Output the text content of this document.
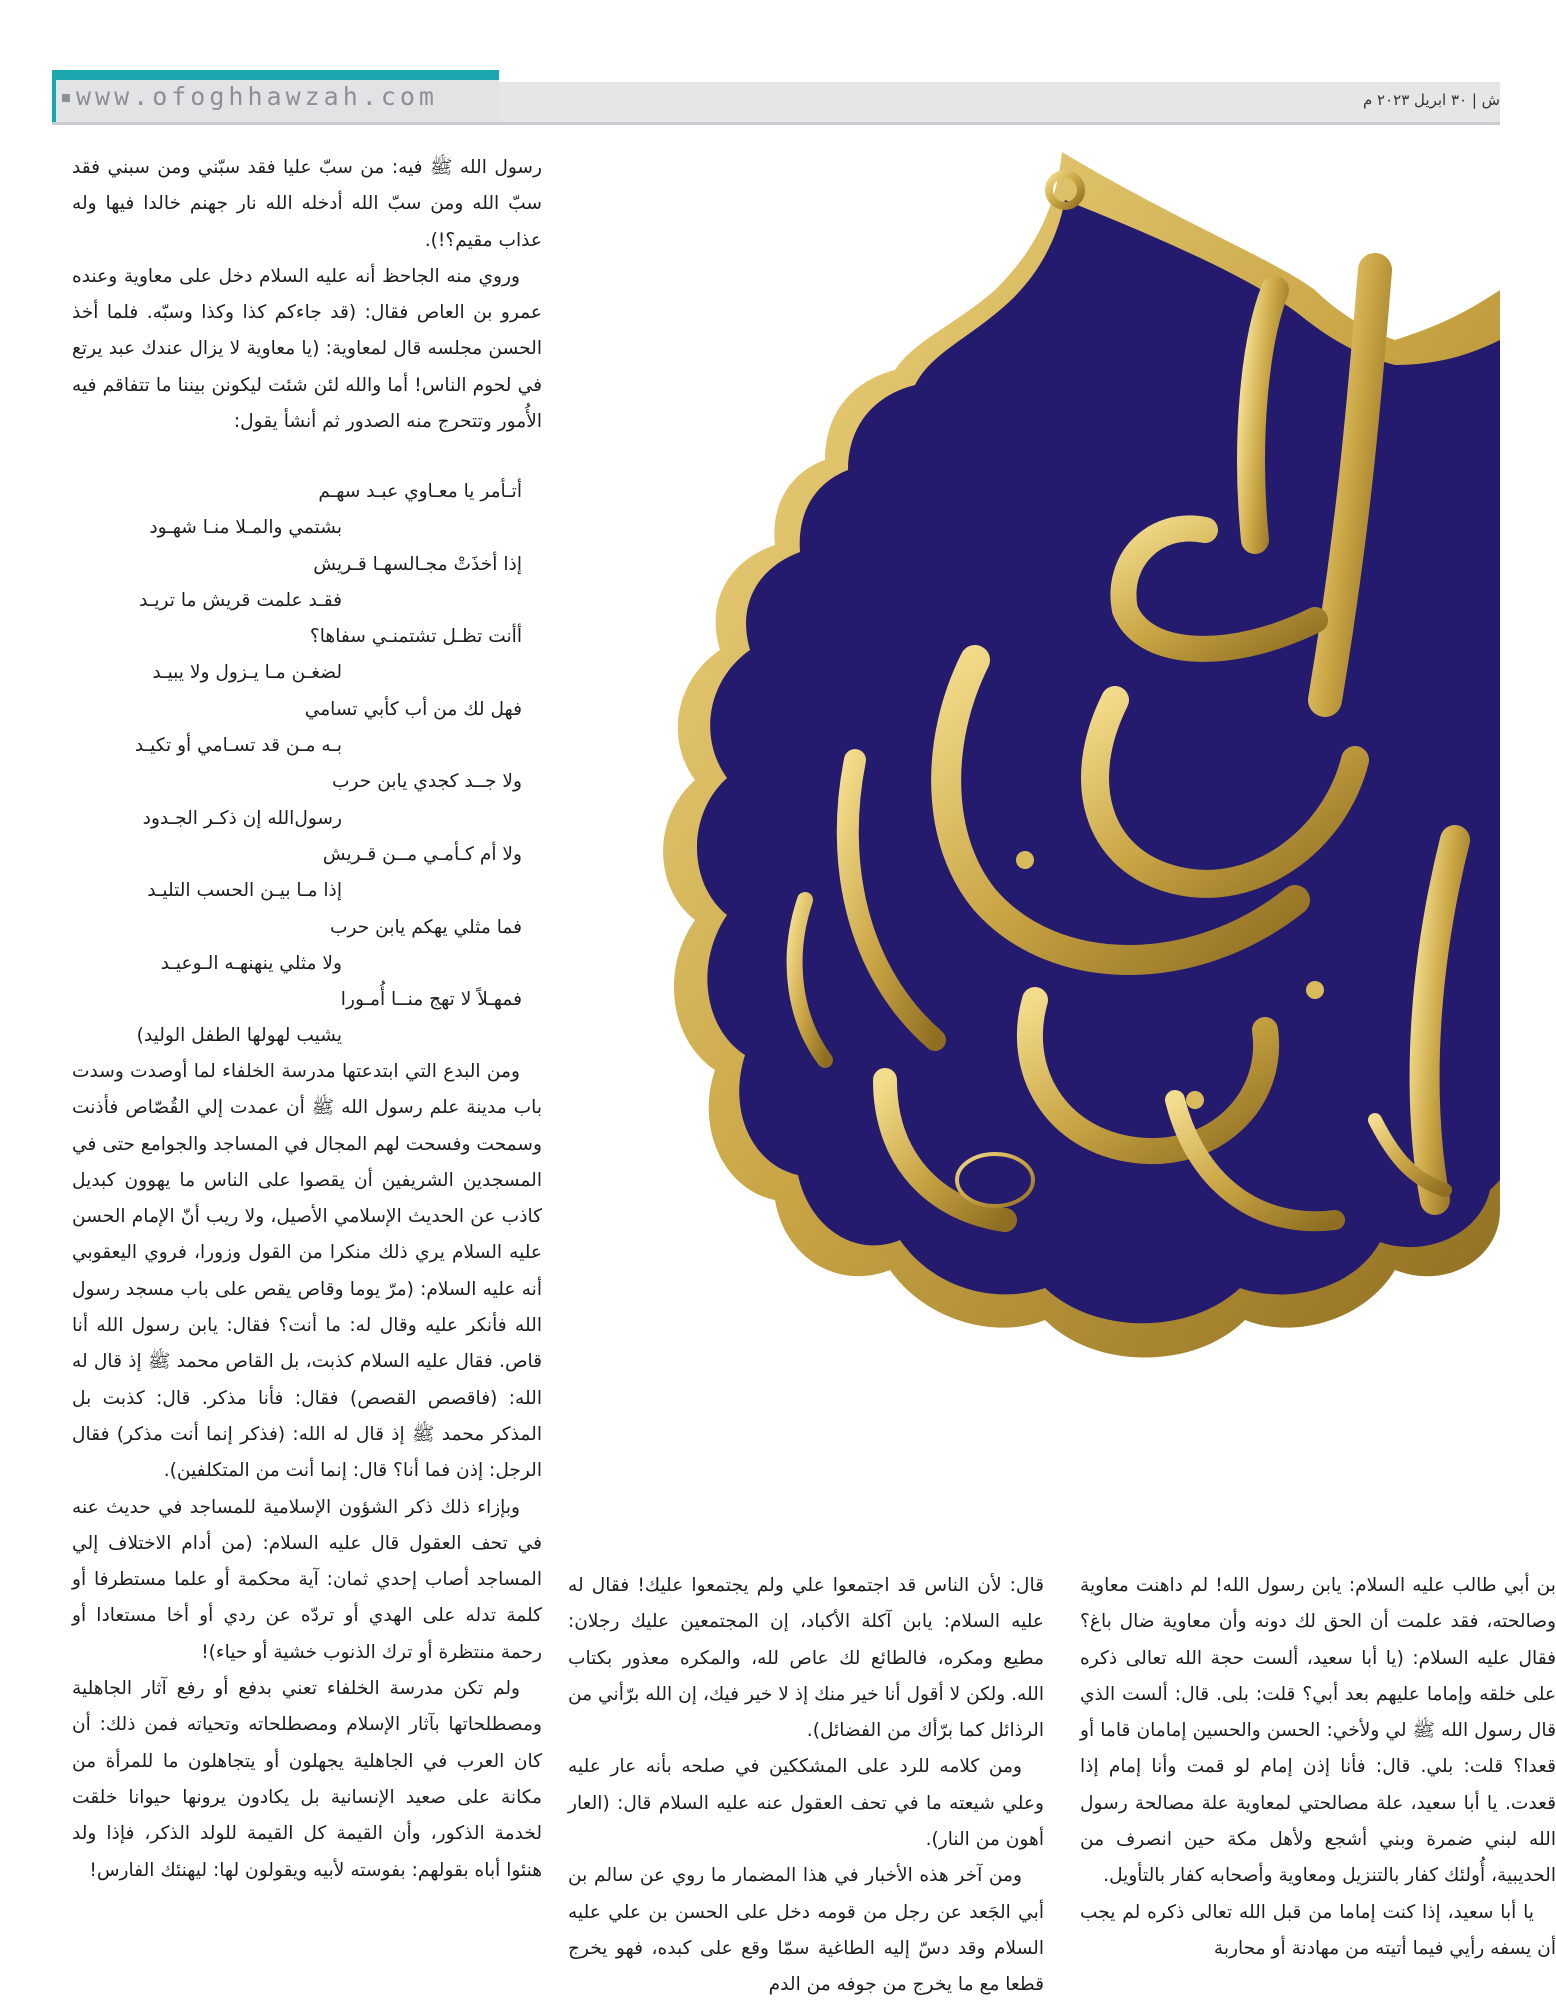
www.ofoghhawzah.com	ش | ۳۰ ابریل ۲۰۲۳ م

رسول الله ﷺ فيه: من سبّ عليا فقد سبّني ومن سبني فقد سبّ الله ومن سبّ الله أدخله الله نار جهنم خالدا فيها وله عذاب مقيم؟!).

وروي منه الجاحظ أنه عليه السلام دخل على معاوية وعنده عمرو بن العاص فقال: (قد جاءكم كذا وكذا وسبّه. فلما أخذ الحسن مجلسه قال لمعاوية: (يا معاوية لا يزال عندك عبد يرتع في لحوم الناس! أما والله لئن شئت ليكونن بيننا ما تتفاقم فيه الأُمور وتتحرج منه الصدور ثم أنشأ يقول:

أتـأمر يا معـاوي عبـد سهـم
بشتمي والمـلا منـا شهـود
إذا أخذَتْ مجـالسهـا قـريش
فقـد علمت قريش ما تريـد
أأنت تظـل تشتمنـي سفاها؟
لضغـن مـا يـزول ولا يبيـد
فهل لك من أب كأبي تسامي
بـه مـن قد تسـامي أو تكيـد
ولا جــد كجدي يابن حرب
رسول‌الله إن ذكـر الجـدود
ولا أم كـأمـي مــن قـريش
إذا مـا بيـن الحسب التليـد
فما مثلي يهكم يابن حرب
ولا مثلي ينهنهـه الـوعيـد
فمهـلاً لا تهج منــا أُمـورا
يشيب لهولها الطفل الوليد)

ومن البدع التي ابتدعتها مدرسة الخلفاء لما أوصدت وسدت باب مدينة علم رسول الله ﷺ أن عمدت إلي القُصّاص فأذنت وسمحت وفسحت لهم المجال في المساجد والجوامع حتى في المسجدين الشريفين أن يقصوا على الناس ما يهوون كبديل كاذب عن الحديث الإسلامي الأصيل، ولا ريب أنّ الإمام الحسن عليه السلام يري ذلك منكرا من القول وزورا، فروي اليعقوبي أنه عليه السلام: (مرّ يوما وقاص يقص على باب مسجد رسول الله فأنكر عليه وقال له: ما أنت؟ فقال: يابن رسول الله أنا قاص. فقال عليه السلام كذبت، بل القاص محمد ﷺ إذ قال له الله: (فاقصص القصص) فقال: فأنا مذكر. قال: كذبت بل المذكر محمد ﷺ إذ قال له الله: (فذكر إنما أنت مذكر) فقال الرجل: إذن فما أنا؟ قال: إنما أنت من المتكلفين).

وبإزاء ذلك ذكر الشؤون الإسلامية للمساجد في حديث عنه في تحف العقول قال عليه السلام: (من أدام الاختلاف إلي المساجد أصاب إحدي ثمان: آية محكمة أو علما مستطرفا أو كلمة تدله على الهدي أو تردّه عن ردي أو أخا مستعادا أو رحمة منتظرة أو ترك الذنوب خشية أو حياء)!

ولم تكن مدرسة الخلفاء تعني بدفع أو رفع آثار الجاهلية ومصطلحاتها بآثار الإسلام ومصطلحاته وتحياته فمن ذلك: أن كان العرب في الجاهلية يجهلون أو يتجاهلون ما للمرأة من مكانة على صعيد الإنسانية بل يكادون يرونها حيوانا خلقت لخدمة الذكور، وأن القيمة كل القيمة للولد الذكر، فإذا ولد هنئوا أباه بقولهم: بفوسته لأبيه ويقولون لها: ليهنئك الفارس!

قال: لأن الناس قد اجتمعوا علي ولم يجتمعوا عليك! فقال له عليه السلام: يابن آكلة الأكباد، إن المجتمعين عليك رجلان: مطيع ومكره، فالطائع لك عاص لله، والمكره معذور بكتاب الله. ولكن لا أقول أنا خير منك إذ لا خير فيك، إن الله برّأني من الرذائل كما برّأك من الفضائل).

ومن كلامه للرد على المشككين في صلحه بأنه عار عليه وعلي شيعته ما في تحف العقول عنه عليه السلام قال: (العار أهون من النار).

ومن آخر هذه الأخبار في هذا المضمار ما روي عن سالم بن أبي الجَعد عن رجل من قومه دخل على الحسن بن علي عليه السلام وقد دسّ إليه الطاغية سمّا وقع على كبده، فهو يخرج قطعا مع ما يخرج من جوفه من الدم

بن أبي طالب عليه السلام: يابن رسول الله! لم داهنت معاوية وصالحته، فقد علمت أن الحق لك دونه وأن معاوية ضال باغ؟ فقال عليه السلام: (يا أبا سعيد، ألست حجة الله تعالى ذكره على خلقه وإماما عليهم بعد أبي؟ قلت: بلى. قال: ألست الذي قال رسول الله ﷺ لي ولأخي: الحسن والحسين إمامان قاما أو قعدا؟ قلت: بلي. قال: فأنا إذن إمام لو قمت وأنا إمام إذا قعدت. يا أبا سعيد، علة مصالحتي لمعاوية علة مصالحة رسول الله لبني ضمرة وبني أشجع ولأهل مكة حين انصرف من الحديبية، أُولئك كفار بالتنزيل ومعاوية وأصحابه كفار بالتأويل.

يا أبا سعيد، إذا كنت إماما من قبل الله تعالى ذكره لم يجب أن يسفه رأيي فيما أتيته من مهادنة أو محاربة
